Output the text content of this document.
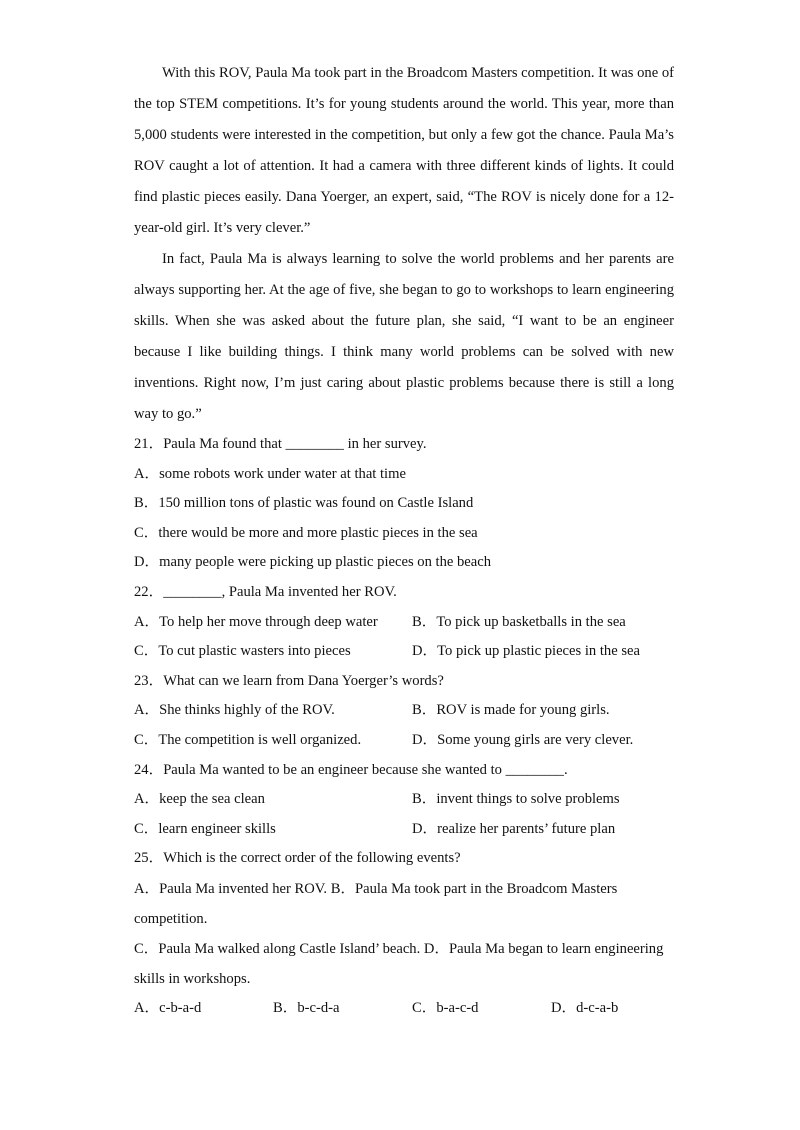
With this ROV, Paula Ma took part in the Broadcom Masters competition. It was one of the top STEM competitions. It’s for young students around the world. This year, more than 5,000 students were interested in the competition, but only a few got the chance. Paula Ma’s ROV caught a lot of attention. It had a camera with three different kinds of lights. It could find plastic pieces easily. Dana Yoerger, an expert, said, “The ROV is nicely done for a 12-year-old girl. It’s very clever.”

In fact, Paula Ma is always learning to solve the world problems and her parents are always supporting her. At the age of five, she began to go to workshops to learn engineering skills. When she was asked about the future plan, she said, “I want to be an engineer because I like building things. I think many world problems can be solved with new inventions. Right now, I’m just caring about plastic problems because there is still a long way to go.”

21．Paula Ma found that ________ in her survey.
A．some robots work under water at that time
B．150 million tons of plastic was found on Castle Island
C．there would be more and more plastic pieces in the sea
D．many people were picking up plastic pieces on the beach
22．________, Paula Ma invented her ROV.
A．To help her move through deep water B．To pick up basketballs in the sea
C．To cut plastic wasters into pieces	D．To pick up plastic pieces in the sea
23．What can we learn from Dana Yoerger’s words?
A．She thinks highly of the ROV.	B．ROV is made for young girls.
C．The competition is well organized.	D．Some young girls are very clever.
24．Paula Ma wanted to be an engineer because she wanted to ________.
A．keep the sea clean	B．invent things to solve problems
C．learn engineer skills	D．realize her parents’ future plan
25．Which is the correct order of the following events?

A．Paula Ma invented her ROV. B．Paula Ma took part in the Broadcom Masters competition.

C．Paula Ma walked along Castle Island’ beach. D．Paula Ma began to learn engineering skills in workshops.

A．c-b-a-d	B．b-c-d-a	C．b-a-c-d	D．d-c-a-b
